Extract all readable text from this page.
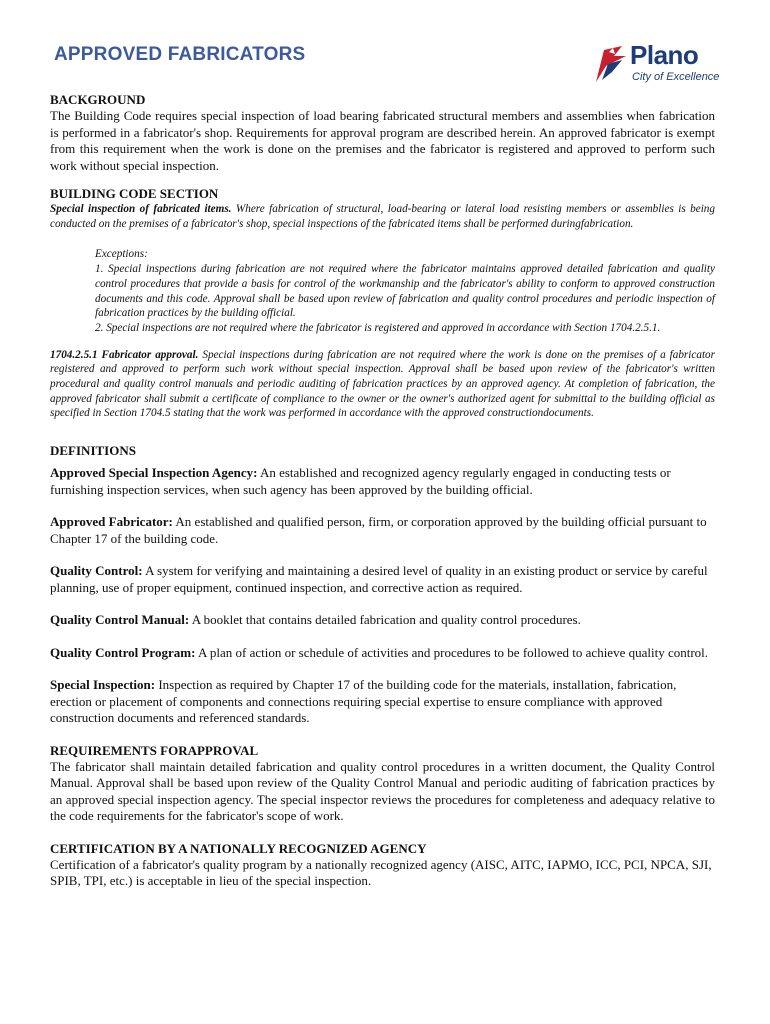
APPROVED FABRICATORS	Plano
City of Excellence
BACKGROUND

The Building Code requires special inspection of load bearing fabricated structural members and assemblies when fabrication is performed in a fabricator's shop. Requirements for approval program are described herein. An approved fabricator is exempt from this requirement when the work is done on the premises and the fabricator is registered and approved to perform such work without special inspection.

BUILDING CODE SECTION

Special inspection of fabricated items. Where fabrication of structural, load-bearing or lateral load resisting members or assemblies is being conducted on the premises of a fabricator's shop, special inspections of the fabricated items shall be performed duringfabrication.

Exceptions:
1. Special inspections during fabrication are not required where the fabricator maintains approved detailed fabrication and quality control procedures that provide a basis for control of the workmanship and the fabricator's ability to conform to approved construction documents and this code. Approval shall be based upon review of fabrication and quality control procedures and periodic inspection of fabrication practices by the building official.
2. Special inspections are not required where the fabricator is registered and approved in accordance with Section 1704.2.5.1.

1704.2.5.1 Fabricator approval. Special inspections during fabrication are not required where the work is done on the premises of a fabricator registered and approved to perform such work without special inspection. Approval shall be based upon review of the fabricator's written procedural and quality control manuals and periodic auditing of fabrication practices by an approved agency. At completion of fabrication, the approved fabricator shall submit a certificate of compliance to the owner or the owner's authorized agent for submittal to the building official as specified in Section 1704.5 stating that the work was performed in accordance with the approved constructiondocuments.

DEFINITIONS

Approved Special Inspection Agency: An established and recognized agency regularly engaged in conducting tests or furnishing inspection services, when such agency has been approved by the building official.

Approved Fabricator: An established and qualified person, firm, or corporation approved by the building official pursuant to Chapter 17 of the building code.

Quality Control: A system for verifying and maintaining a desired level of quality in an existing product or service by careful planning, use of proper equipment, continued inspection, and corrective action as required.

Quality Control Manual: A booklet that contains detailed fabrication and quality control procedures.

Quality Control Program: A plan of action or schedule of activities and procedures to be followed to achieve quality control.

Special Inspection: Inspection as required by Chapter 17 of the building code for the materials, installation, fabrication, erection or placement of components and connections requiring special expertise to ensure compliance with approved construction documents and referenced standards.

REQUIREMENTS FORAPPROVAL

The fabricator shall maintain detailed fabrication and quality control procedures in a written document, the Quality Control Manual. Approval shall be based upon review of the Quality Control Manual and periodic auditing of fabrication practices by an approved special inspection agency. The special inspector reviews the procedures for completeness and adequacy relative to the code requirements for the fabricator's scope of work.

CERTIFICATION BY A NATIONALLY RECOGNIZED AGENCY

Certification of a fabricator's quality program by a nationally recognized agency (AISC, AITC, IAPMO, ICC, PCI, NPCA, SJI, SPIB, TPI, etc.) is acceptable in lieu of the special inspection.
